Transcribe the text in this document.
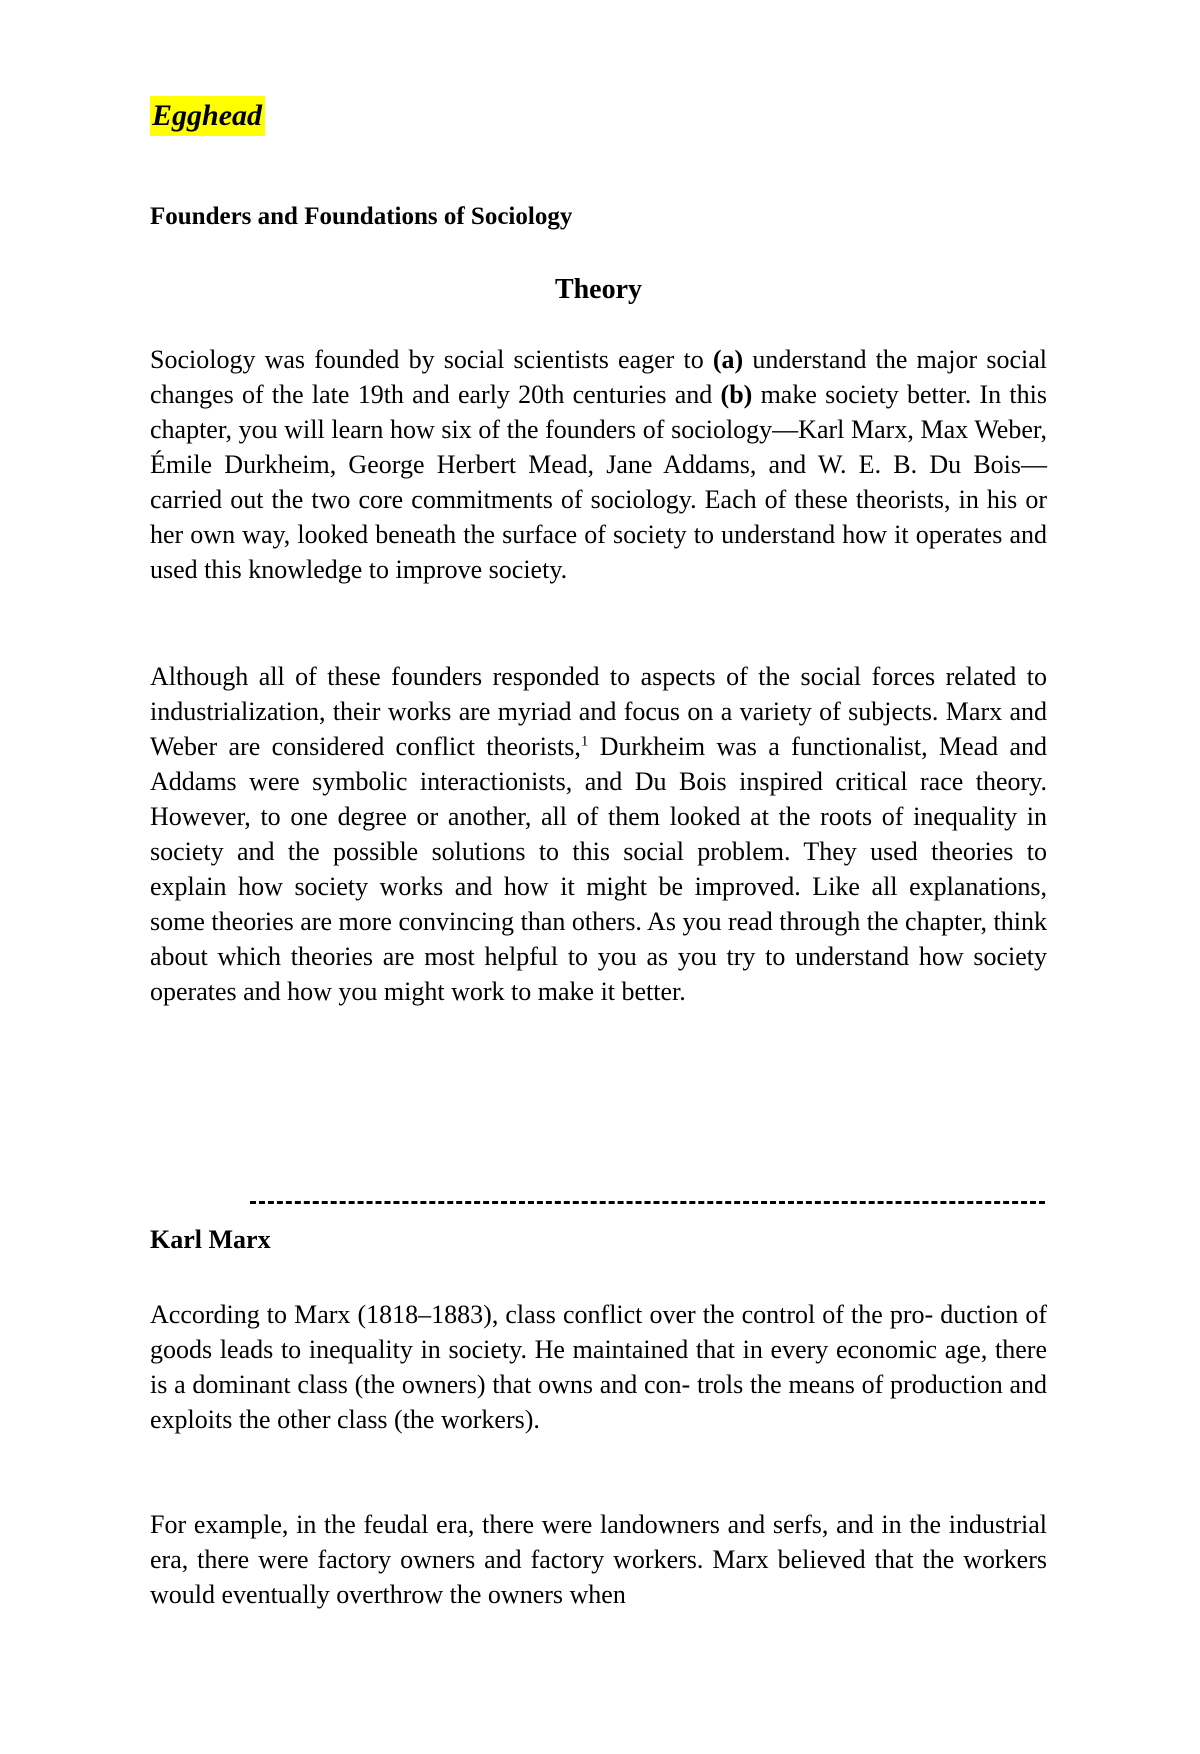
Egghead
Founders and Foundations of Sociology
Theory

Sociology was founded by social scientists eager to (a) understand the major social changes of the late 19th and early 20th centuries and (b) make society better. In this chapter, you will learn how six of the founders of sociology—Karl Marx, Max Weber, Émile Durkheim, George Herbert Mead, Jane Addams, and W. E. B. Du Bois—carried out the two core commitments of sociology. Each of these theorists, in his or her own way, looked beneath the surface of society to understand how it operates and used this knowledge to improve society.

Although all of these founders responded to aspects of the social forces related to industrialization, their works are myriad and focus on a variety of subjects. Marx and Weber are considered conflict theorists,$^1$ Durkheim was a functionalist, Mead and Addams were symbolic interactionists, and Du Bois inspired critical race theory. However, to one degree or another, all of them looked at the roots of inequality in society and the possible solutions to this social problem. They used theories to explain how society works and how it might be improved. Like all explanations, some theories are more convincing than others. As you read through the chapter, think about which theories are most helpful to you as you try to understand how society operates and how you might work to make it better.

Karl Marx

According to Marx (1818–1883), class conflict over the control of the pro- duction of goods leads to inequality in society. He maintained that in every economic age, there is a dominant class (the owners) that owns and con- trols the means of production and exploits the other class (the workers).

For example, in the feudal era, there were landowners and serfs, and in the industrial era, there were factory owners and factory workers. Marx believed that the workers would eventually overthrow the owners when
